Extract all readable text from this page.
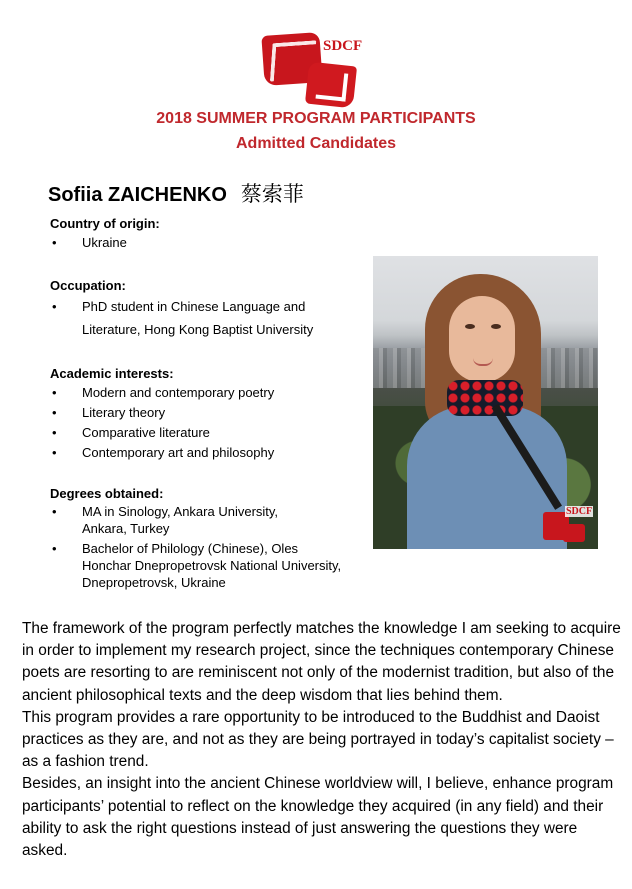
SDCF
2018 SUMMER PROGRAM PARTICIPANTS
Admitted Candidates
Sofiia ZAICHENKO 蔡索菲

Country of origin:

• Ukraine

Occupation:

• PhD student in Chinese Language and Literature, Hong Kong Baptist University

Academic interests:

• Modern and contemporary poetry
• Literary theory
• Comparative literature
• Contemporary art and philosophy

Degrees obtained:

• MA in Sinology, Ankara University, Ankara, Turkey
• Bachelor of Philology (Chinese), Oles Honchar Dnepropetrovsk National University, Dnepropetrovsk, Ukraine
SDCF

The framework of the program perfectly matches the knowledge I am seeking to acquire in order to implement my research project, since the techniques contemporary Chinese poets are resorting to are reminiscent not only of the modernist tradition, but also of the ancient philosophical texts and the deep wisdom that lies behind them.

This program provides a rare opportunity to be introduced to the Buddhist and Daoist practices as they are, and not as they are being portrayed in today’s capitalist society – as a fashion trend.

Besides, an insight into the ancient Chinese worldview will, I believe, enhance program participants’ potential to reflect on the knowledge they acquired (in any field) and their ability to ask the right questions instead of just answering the questions they were asked.
